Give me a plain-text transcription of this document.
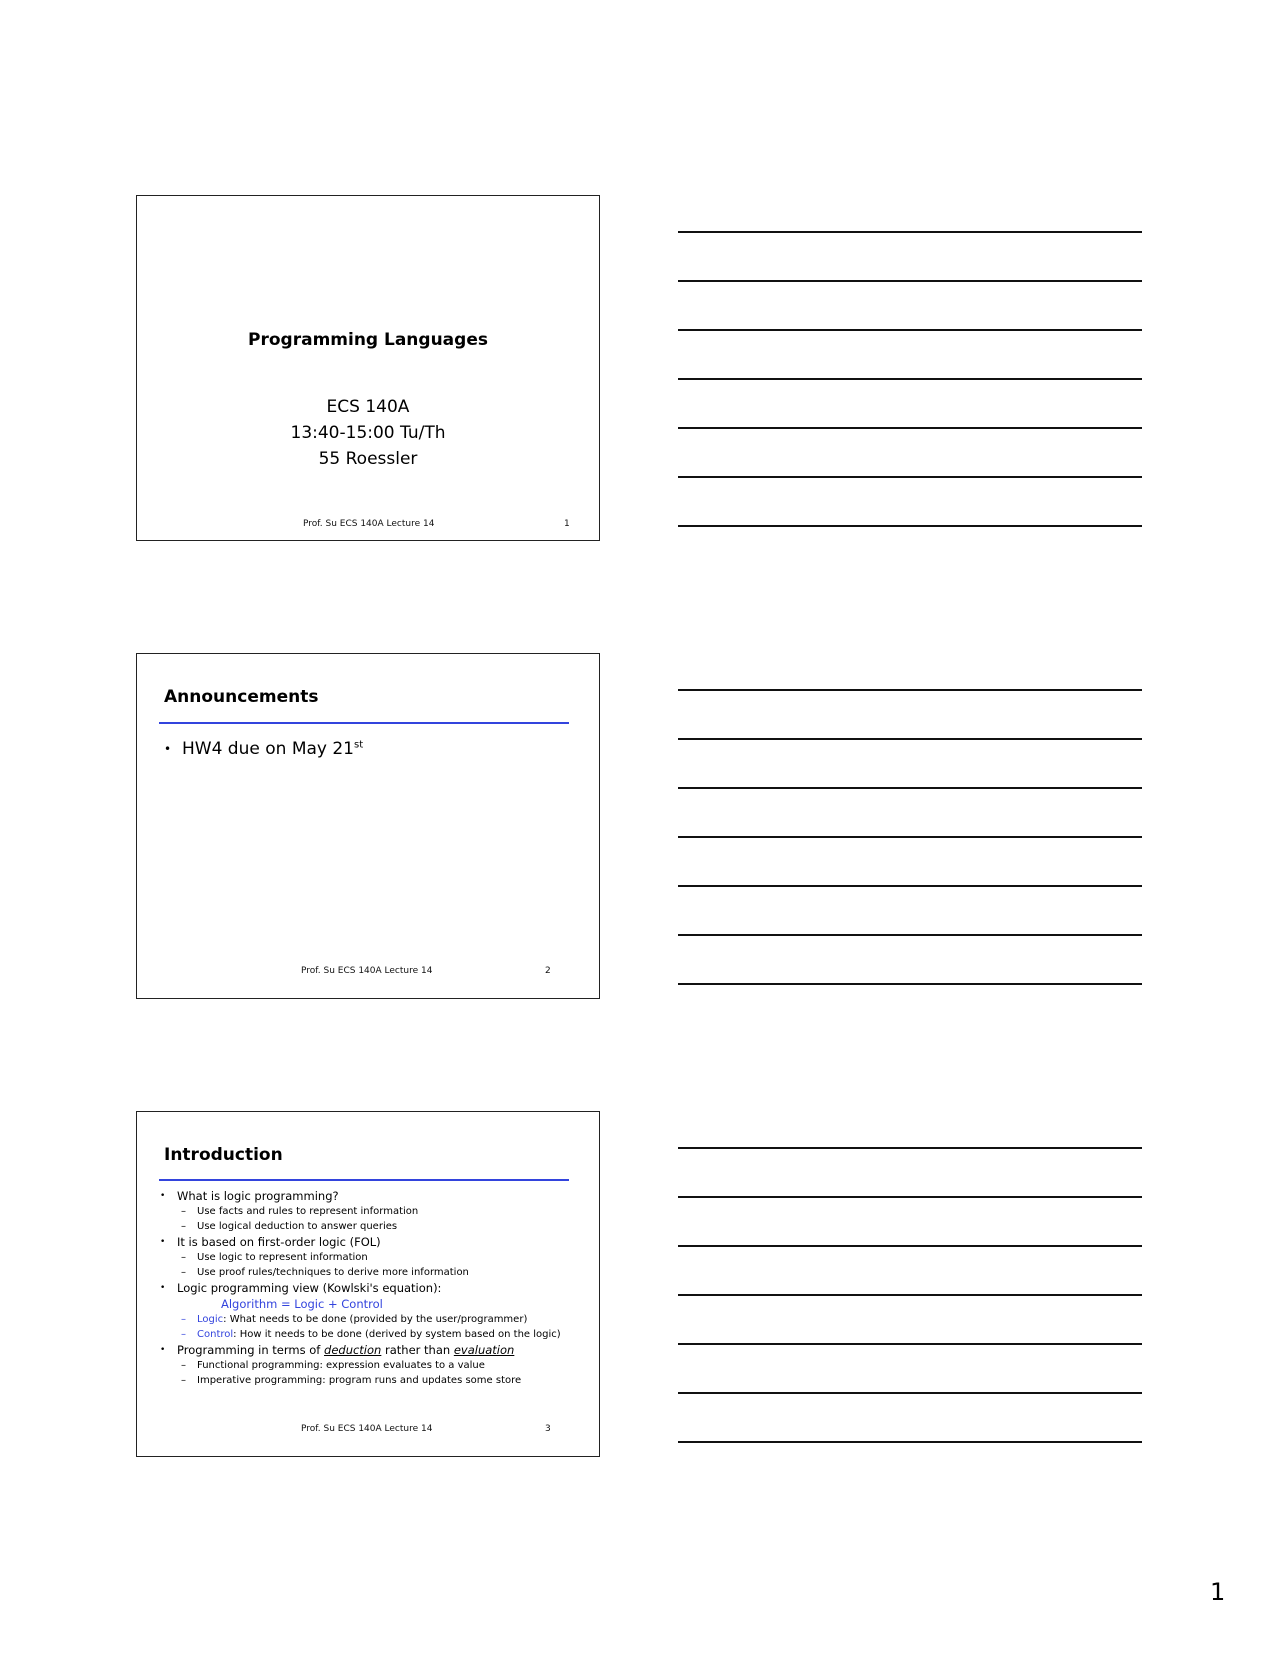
Programming Languages
ECS 140A
13:40-15:00 Tu/Th
55 Roessler
Prof. Su ECS 140A Lecture 14	1
Announcements
• HW4 due on May 21st
Prof. Su ECS 140A Lecture 14	2
Introduction
• What is logic programming?
– Use facts and rules to represent information
– Use logical deduction to answer queries
• It is based on first-order logic (FOL)
– Use logic to represent information
– Use proof rules/techniques to derive more information
• Logic programming view (Kowlski's equation):
Algorithm = Logic + Control
– Logic: What needs to be done (provided by the user/programmer)
– Control: How it needs to be done (derived by system based on the logic)
• Programming in terms of deduction rather than evaluation
– Functional programming: expression evaluates to a value
– Imperative programming: program runs and updates some store
Prof. Su ECS 140A Lecture 14	3
1
